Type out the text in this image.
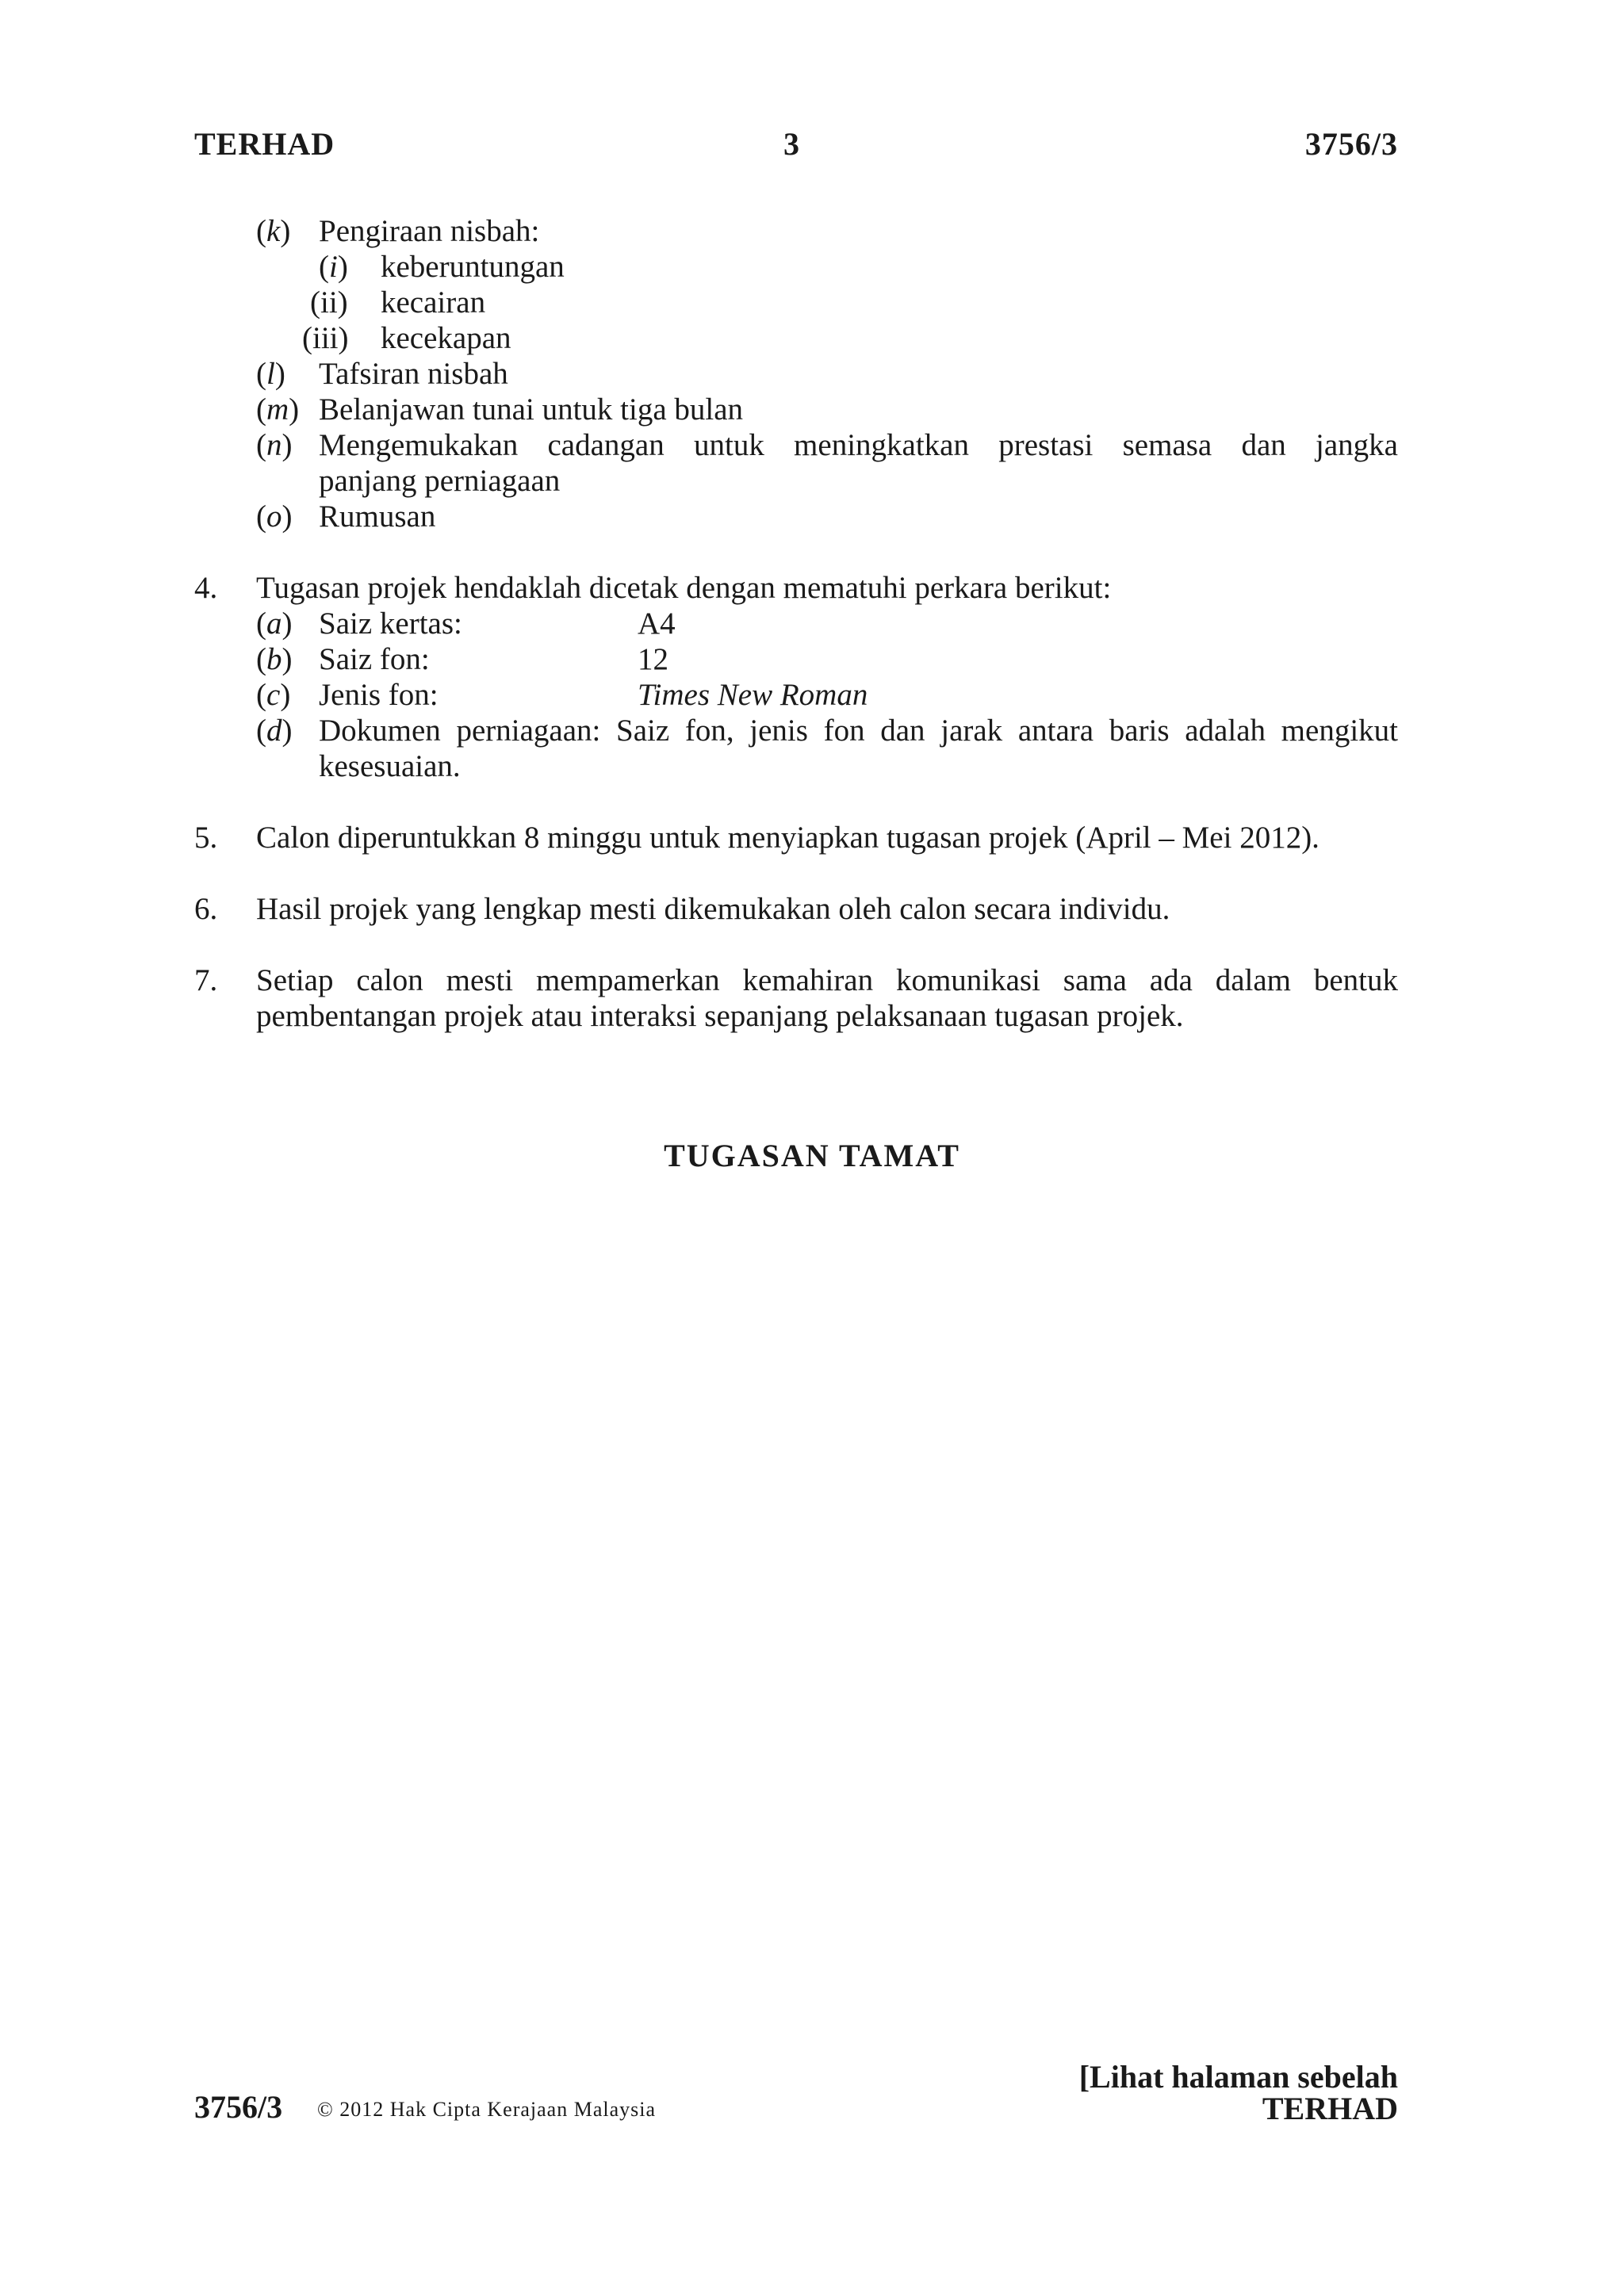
TERHAD	3	3756/3
(k) Pengiraan nisbah:
(i) keberuntungan
(ii) kecairan
(iii) kecekapan
(l) Tafsiran nisbah
(m) Belanjawan tunai untuk tiga bulan
(n) Mengemukakan cadangan untuk meningkatkan prestasi semasa dan jangka
panjang perniagaan
(o) Rumusan
4. Tugasan projek hendaklah dicetak dengan mematuhi perkara berikut:
(a) Saiz kertas:	A4
(b) Saiz fon:	12
(c) Jenis fon:	Times New Roman
(d) Dokumen perniagaan: Saiz fon, jenis fon dan jarak antara baris adalah mengikut
kesesuaian.
5. Calon diperuntukkan 8 minggu untuk menyiapkan tugasan projek (April – Mei 2012).
6. Hasil projek yang lengkap mesti dikemukakan oleh calon secara individu.
7. Setiap calon mesti mempamerkan kemahiran komunikasi sama ada dalam bentuk
pembentangan projek atau interaksi sepanjang pelaksanaan tugasan projek.
TUGASAN TAMAT
[Lihat halaman sebelah
TERHAD
3756/3 © 2012 Hak Cipta Kerajaan Malaysia
